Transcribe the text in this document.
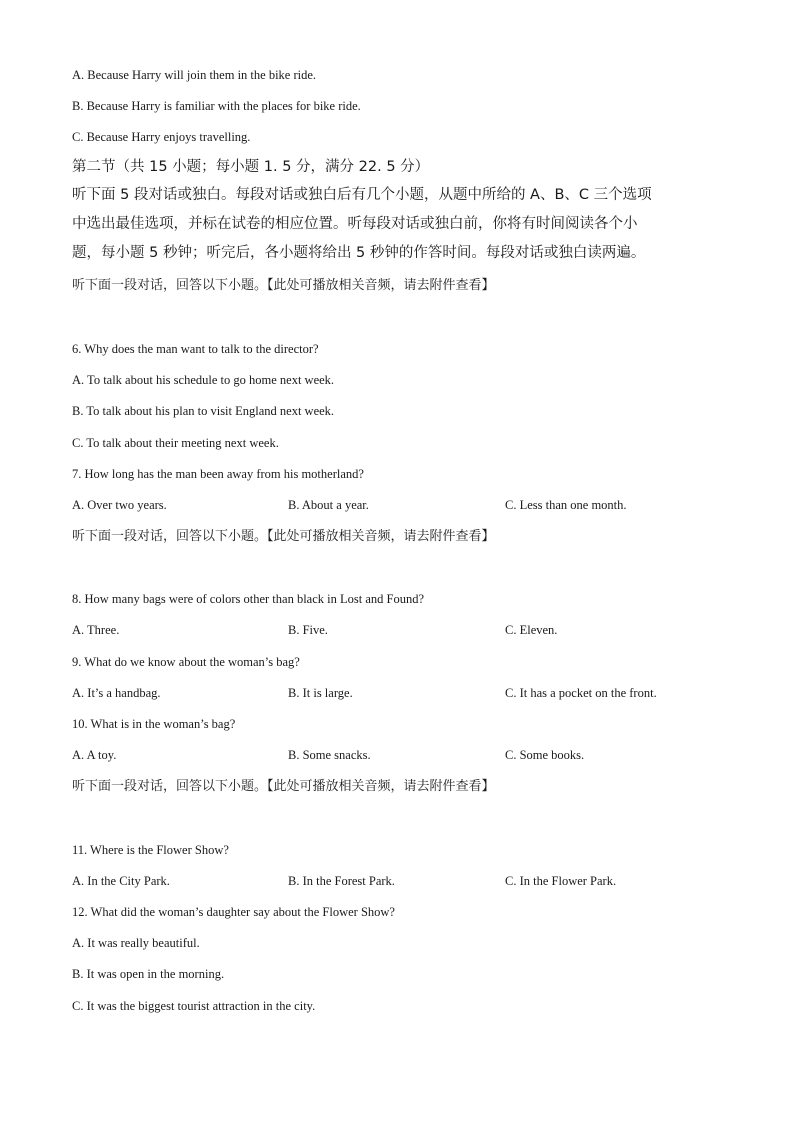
A. Because Harry will join them in the bike ride.
B. Because Harry is familiar with the places for bike ride.
C. Because Harry enjoys travelling.
第二节（共 15 小题；每小题 1. 5 分，满分 22. 5 分）
听下面 5 段对话或独白。每段对话或独白后有几个小题，从题中所给的 A、B、C 三个选项
中选出最佳选项，并标在试卷的相应位置。听每段对话或独白前，你将有时间阅读各个小
题，每小题 5 秒钟；听完后，各小题将给出 5 秒钟的作答时间。每段对话或独白读两遍。
听下面一段对话，回答以下小题。【此处可播放相关音频，请去附件查看】
6. Why does the man want to talk to the director?
A. To talk about his schedule to go home next week.
B. To talk about his plan to visit England next week.
C. To talk about their meeting next week.
7. How long has the man been away from his motherland?
A. Over two years.	B. About a year.	C. Less than one month.
听下面一段对话，回答以下小题。【此处可播放相关音频，请去附件查看】
8. How many bags were of colors other than black in Lost and Found?
A. Three.	B. Five.	C. Eleven.
9. What do we know about the woman’s bag?
A. It’s a handbag.	B. It is large.	C. It has a pocket on the front.
10. What is in the woman’s bag?
A. A toy.	B. Some snacks.	C. Some books.
听下面一段对话，回答以下小题。【此处可播放相关音频，请去附件查看】
11. Where is the Flower Show?
A. In the City Park.	B. In the Forest Park.	C. In the Flower Park.
12. What did the woman’s daughter say about the Flower Show?
A. It was really beautiful.
B. It was open in the morning.
C. It was the biggest tourist attraction in the city.
